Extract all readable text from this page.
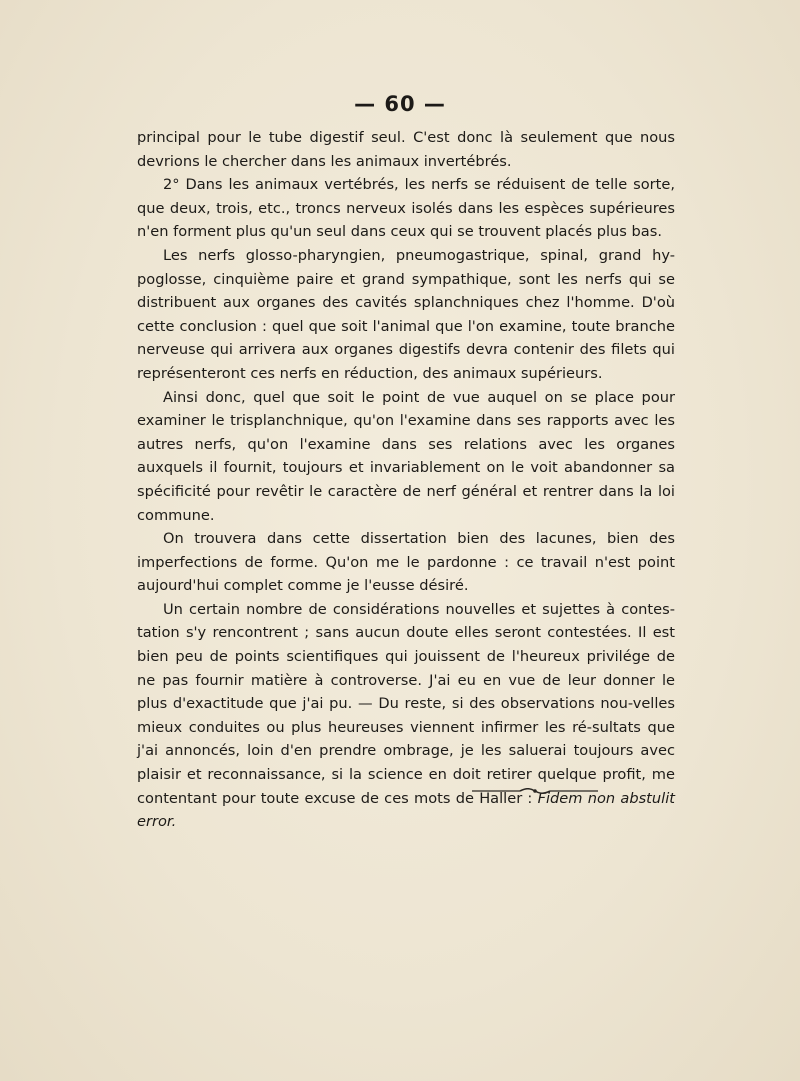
— 60 —

principal pour le tube digestif seul. C'est donc là seulement que nous devrions le chercher dans les animaux invertébrés.

2° Dans les animaux vertébrés, les nerfs se réduisent de telle sorte, que deux, trois, etc., troncs nerveux isolés dans les espèces supérieures n'en forment plus qu'un seul dans ceux qui se trouvent placés plus bas.

Les nerfs glosso-pharyngien, pneumogastrique, spinal, grand hy-poglosse, cinquième paire et grand sympathique, sont les nerfs qui se distribuent aux organes des cavités splanchniques chez l'homme. D'où cette conclusion : quel que soit l'animal que l'on examine, toute branche nerveuse qui arrivera aux organes digestifs devra contenir des filets qui représenteront ces nerfs en réduction, des animaux supérieurs.

Ainsi donc, quel que soit le point de vue auquel on se place pour examiner le trisplanchnique, qu'on l'examine dans ses rapports avec les autres nerfs, qu'on l'examine dans ses relations avec les organes auxquels il fournit, toujours et invariablement on le voit abandonner sa spécificité pour revêtir le caractère de nerf général et rentrer dans la loi commune.

On trouvera dans cette dissertation bien des lacunes, bien des imperfections de forme. Qu'on me le pardonne : ce travail n'est point aujourd'hui complet comme je l'eusse désiré.

Un certain nombre de considérations nouvelles et sujettes à contes-tation s'y rencontrent ; sans aucun doute elles seront contestées. Il est bien peu de points scientifiques qui jouissent de l'heureux privilége de ne pas fournir matière à controverse. J'ai eu en vue de leur donner le plus d'exactitude que j'ai pu. — Du reste, si des observations nou-velles mieux conduites ou plus heureuses viennent infirmer les ré-sultats que j'ai annoncés, loin d'en prendre ombrage, je les saluerai toujours avec plaisir et reconnaissance, si la science en doit retirer quelque profit, me contentant pour toute excuse de ces mots de Haller : Fidem non abstulit error.
